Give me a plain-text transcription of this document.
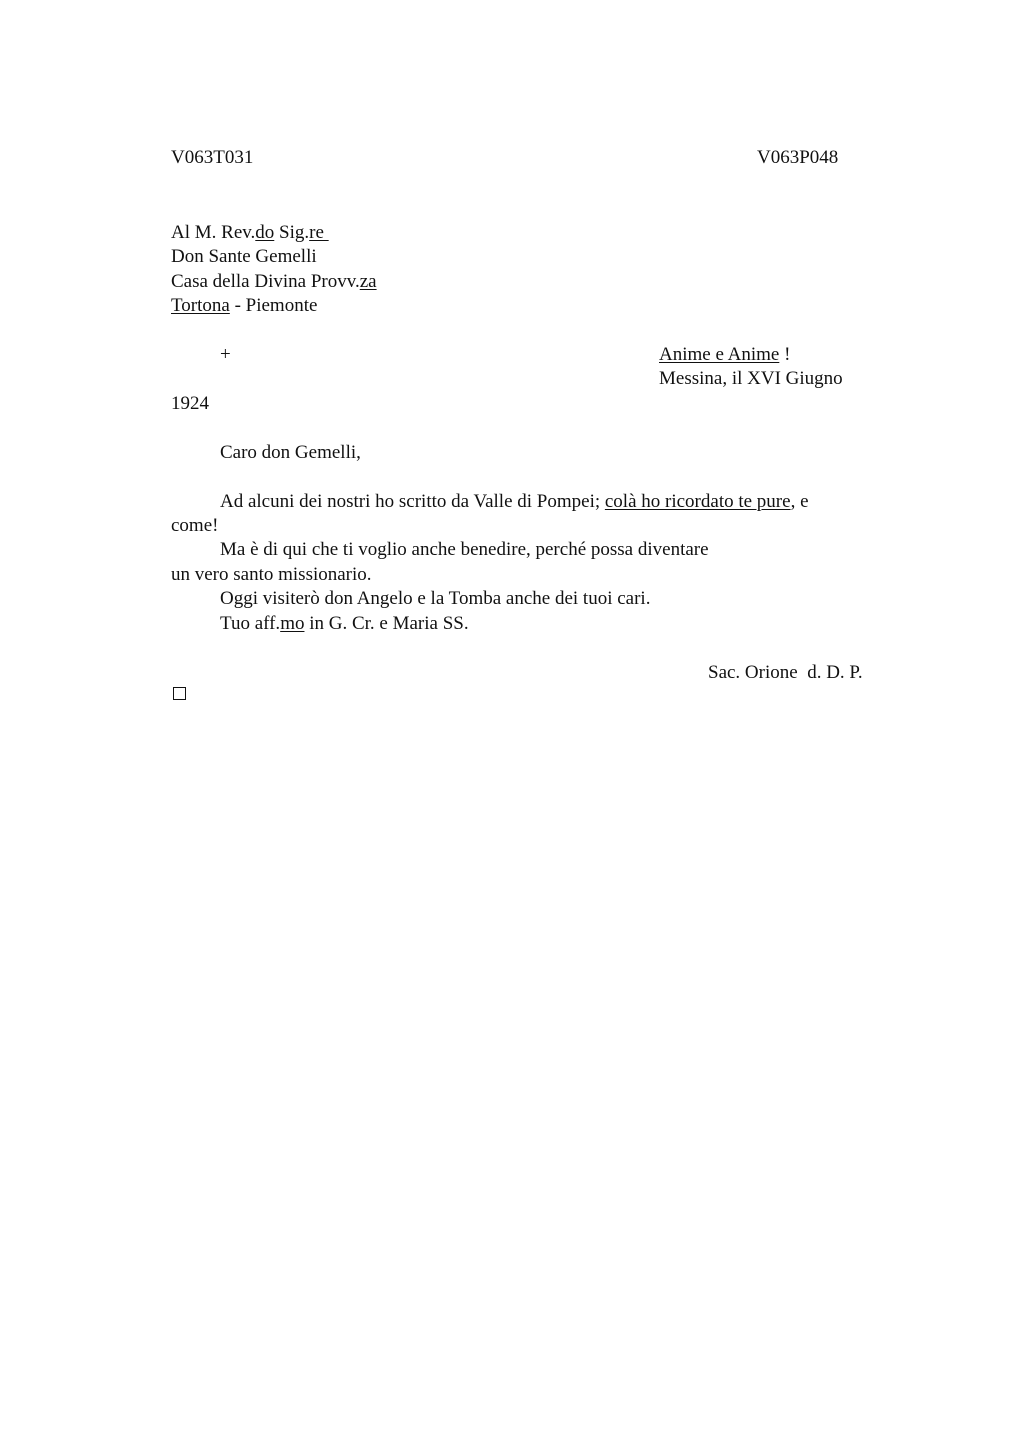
V063T031	V063P048
Al M. Rev.do Sig.re
Don Sante Gemelli
Casa della Divina Provv.za
Tortona - Piemonte
+	Anime e Anime !
Messina, il XVI Giugno
1924
Caro don Gemelli,
Ad alcuni dei nostri ho scritto da Valle di Pompei; colà ho ricordato te pure, e
come!
Ma è di qui che ti voglio anche benedire, perché possa diventare
un vero santo missionario.
Oggi visiterò don Angelo e la Tomba anche dei tuoi cari.
Tuo aff.mo in G. Cr. e Maria SS.
Sac. Orione  d. D. P.
